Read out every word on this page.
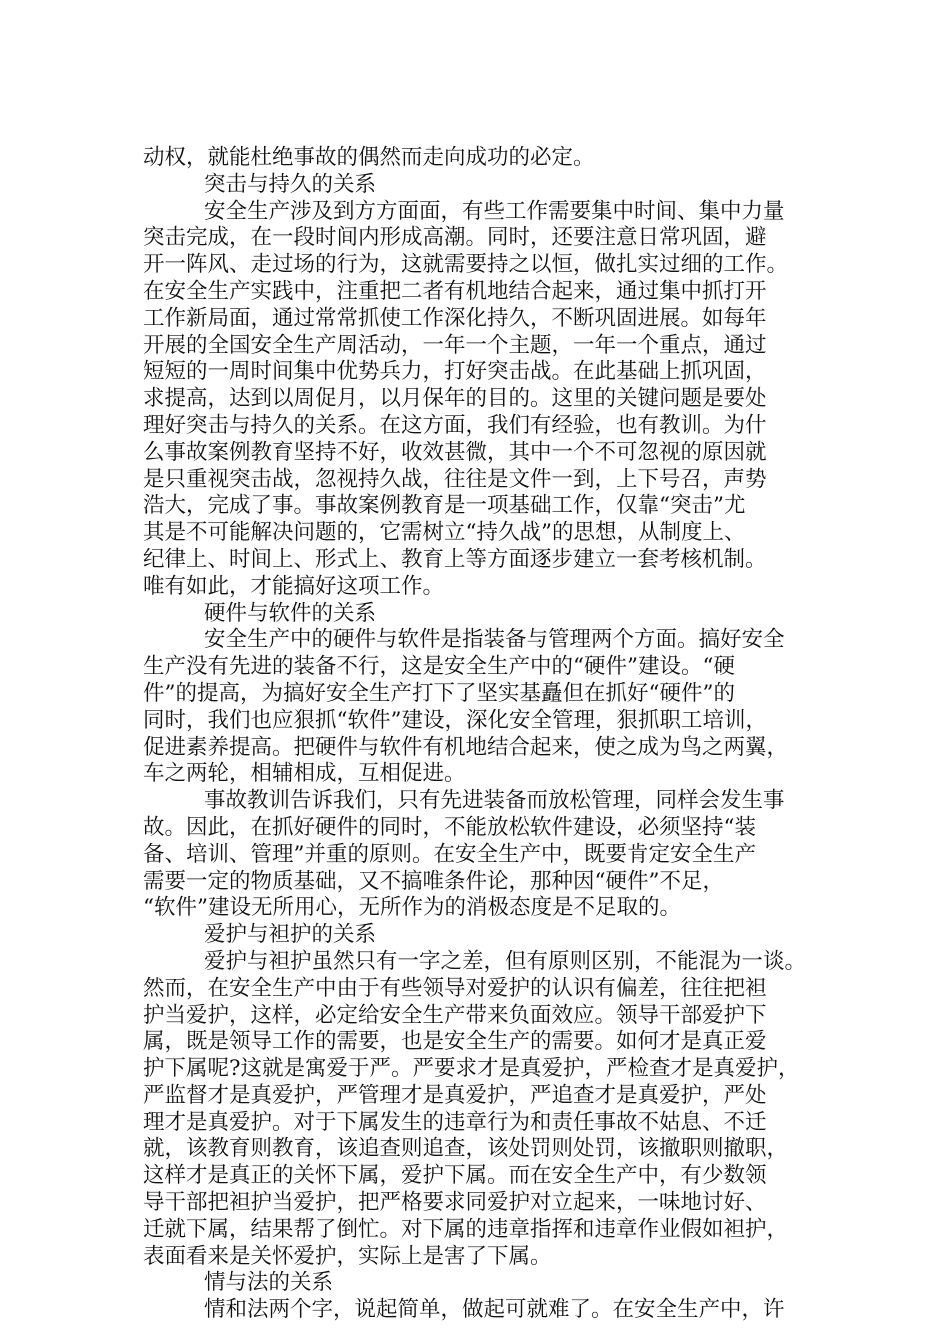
动权，就能杜绝事故的偶然而走向成功的必定。
突击与持久的关系
安全生产涉及到方方面面，有些工作需要集中时间、集中力量
突击完成，在一段时间内形成高潮。同时，还要注意日常巩固，避
开一阵风、走过场的行为，这就需要持之以恒，做扎实过细的工作。
在安全生产实践中，注重把二者有机地结合起来，通过集中抓打开
工作新局面，通过常常抓使工作深化持久，不断巩固进展。如每年
开展的全国安全生产周活动，一年一个主题，一年一个重点，通过
短短的一周时间集中优势兵力，打好突击战。在此基础上抓巩固，
求提高，达到以周促月，以月保年的目的。这里的关键问题是要处
理好突击与持久的关系。在这方面，我们有经验，也有教训。为什
么事故案例教育坚持不好，收效甚微，其中一个不可忽视的原因就
是只重视突击战，忽视持久战，往往是文件一到，上下号召，声势
浩大，完成了事。事故案例教育是一项基础工作，仅靠“突击”尤
其是不可能解决问题的，它需树立“持久战”的思想，从制度上、
纪律上、时间上、形式上、教育上等方面逐步建立一套考核机制。
唯有如此，才能搞好这项工作。
硬件与软件的关系
安全生产中的硬件与软件是指装备与管理两个方面。搞好安全
生产没有先进的装备不行，这是安全生产中的“硬件”建设。“硬
件”的提高，为搞好安全生产打下了坚实基矗但在抓好“硬件”的
同时，我们也应狠抓“软件”建设，深化安全管理，狠抓职工培训，
促进素养提高。把硬件与软件有机地结合起来，使之成为鸟之两翼，
车之两轮，相辅相成，互相促进。
事故教训告诉我们，只有先进装备而放松管理，同样会发生事
故。因此，在抓好硬件的同时，不能放松软件建设，必须坚持“装
备、培训、管理”并重的原则。在安全生产中，既要肯定安全生产
需要一定的物质基础，又不搞唯条件论，那种因“硬件”不足，
“软件”建设无所用心，无所作为的消极态度是不足取的。
爱护与袒护的关系
爱护与袒护虽然只有一字之差，但有原则区别，不能混为一谈。
然而，在安全生产中由于有些领导对爱护的认识有偏差，往往把袒
护当爱护，这样，必定给安全生产带来负面效应。领导干部爱护下
属，既是领导工作的需要，也是安全生产的需要。如何才是真正爱
护下属呢?这就是寓爱于严。严要求才是真爱护，严检查才是真爱护，
严监督才是真爱护，严管理才是真爱护，严追查才是真爱护，严处
理才是真爱护。对于下属发生的违章行为和责任事故不姑息、不迁
就，该教育则教育，该追查则追查，该处罚则处罚，该撤职则撤职，
这样才是真正的关怀下属，爱护下属。而在安全生产中，有少数领
导干部把袒护当爱护，把严格要求同爱护对立起来，一味地讨好、
迁就下属，结果帮了倒忙。对下属的违章指挥和违章作业假如袒护，
表面看来是关怀爱护，实际上是害了下属。
情与法的关系
情和法两个字，说起简单，做起可就难了。在安全生产中，许
